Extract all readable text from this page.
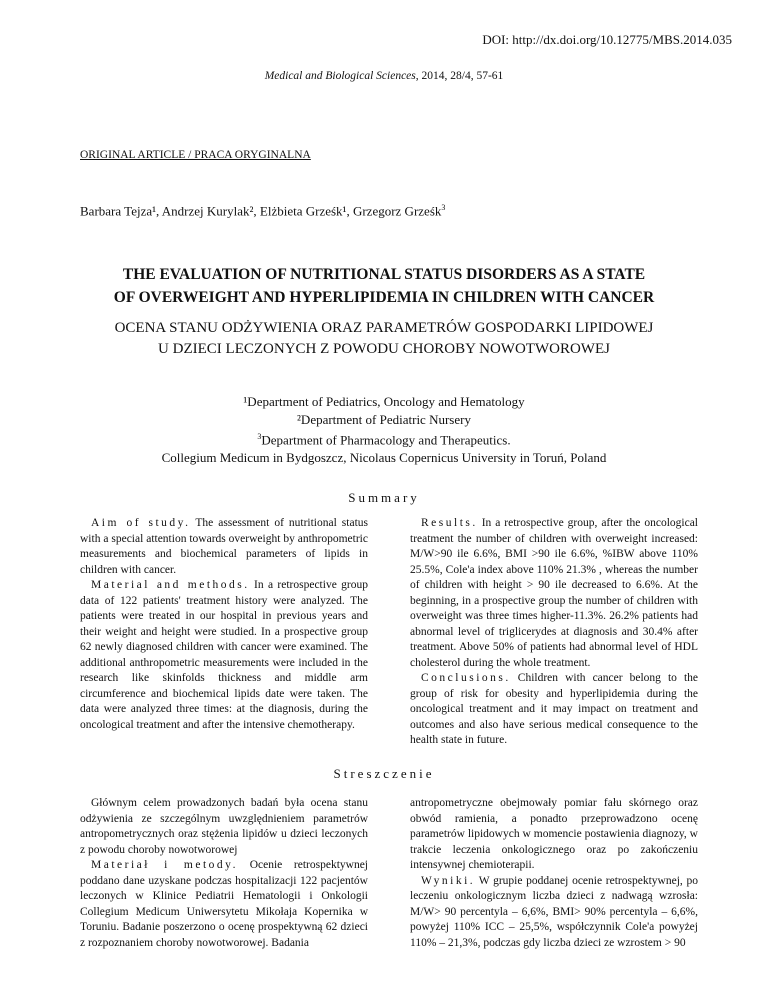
DOI: http://dx.doi.org/10.12775/MBS.2014.035
Medical and Biological Sciences, 2014, 28/4, 57-61
ORIGINAL ARTICLE / PRACA ORYGINALNA
Barbara Tejza¹, Andrzej Kurylak², Elżbieta Grześk¹, Grzegorz Grześk$^3$
THE EVALUATION OF NUTRITIONAL STATUS DISORDERS AS A STATE
OF OVERWEIGHT AND HYPERLIPIDEMIA IN CHILDREN WITH CANCER
OCENA STANU ODŻYWIENIA ORAZ PARAMETRÓW GOSPODARKI LIPIDOWEJ
U DZIECI LECZONYCH Z POWODU CHOROBY NOWOTWOROWEJ
¹Department of Pediatrics, Oncology and Hematology
²Department of Pediatric Nursery
$^3$Department of Pharmacology and Therapeutics.
Collegium Medicum in Bydgoszcz, Nicolaus Copernicus University in Toruń, Poland
Summary

Aim of study. The assessment of nutritional status with a special attention towards overweight by anthropometric measurements and biochemical parameters of lipids in children with cancer.

Material and methods. In a retrospective group data of 122 patients' treatment history were analyzed. The patients were treated in our hospital in previous years and their weight and height were studied. In a prospective group 62 newly diagnosed children with cancer were examined. The additional anthropometric measurements were included in the research like skinfolds thickness and middle arm circumference and biochemical lipids date were taken. The data were analyzed three times: at the diagnosis, during the oncological treatment and after the intensive chemotherapy.

Results. In a retrospective group, after the oncological treatment the number of children with overweight increased: M/W>90 ile 6.6%, BMI >90 ile 6.6%, %IBW above 110% 25.5%, Cole'a index above 110% 21.3% , whereas the number of children with height > 90 ile decreased to 6.6%. At the beginning, in a prospective group the number of children with overweight was three times higher-11.3%. 26.2% patients had abnormal level of triglicerydes at diagnosis and 30.4% after treatment. Above 50% of patients had abnormal level of HDL cholesterol during the whole treatment.

Conclusions. Children with cancer belong to the group of risk for obesity and hyperlipidemia during the oncological treatment and it may impact on treatment and outcomes and also have serious medical consequence to the health state in future.

Streszczenie

Głównym celem prowadzonych badań była ocena stanu odżywienia ze szczególnym uwzględnieniem parametrów antropometrycznych oraz stężenia lipidów u dzieci leczonych z powodu choroby nowotworowej

Materiał i metody. Ocenie retrospektywnej poddano dane uzyskane podczas hospitalizacji 122 pacjentów leczonych w Klinice Pediatrii Hematologii i Onkologii Collegium Medicum Uniwersytetu Mikołaja Kopernika w Toruniu. Badanie poszerzono o ocenę prospektywną 62 dzieci z rozpoznaniem choroby nowotworowej. Badania

antropometryczne obejmowały pomiar fału skórnego oraz obwód ramienia, a ponadto przeprowadzono ocenę parametrów lipidowych w momencie postawienia diagnozy, w trakcie leczenia onkologicznego oraz po zakończeniu intensywnej chemioterapii.

Wyniki. W grupie poddanej ocenie retrospektywnej, po leczeniu onkologicznym liczba dzieci z nadwagą wzrosła: M/W> 90 percentyla – 6,6%, BMI> 90% percentyla – 6,6%, powyżej 110% ICC – 25,5%, współczynnik Cole'a powyżej 110% – 21,3%, podczas gdy liczba dzieci ze wzrostem > 90
